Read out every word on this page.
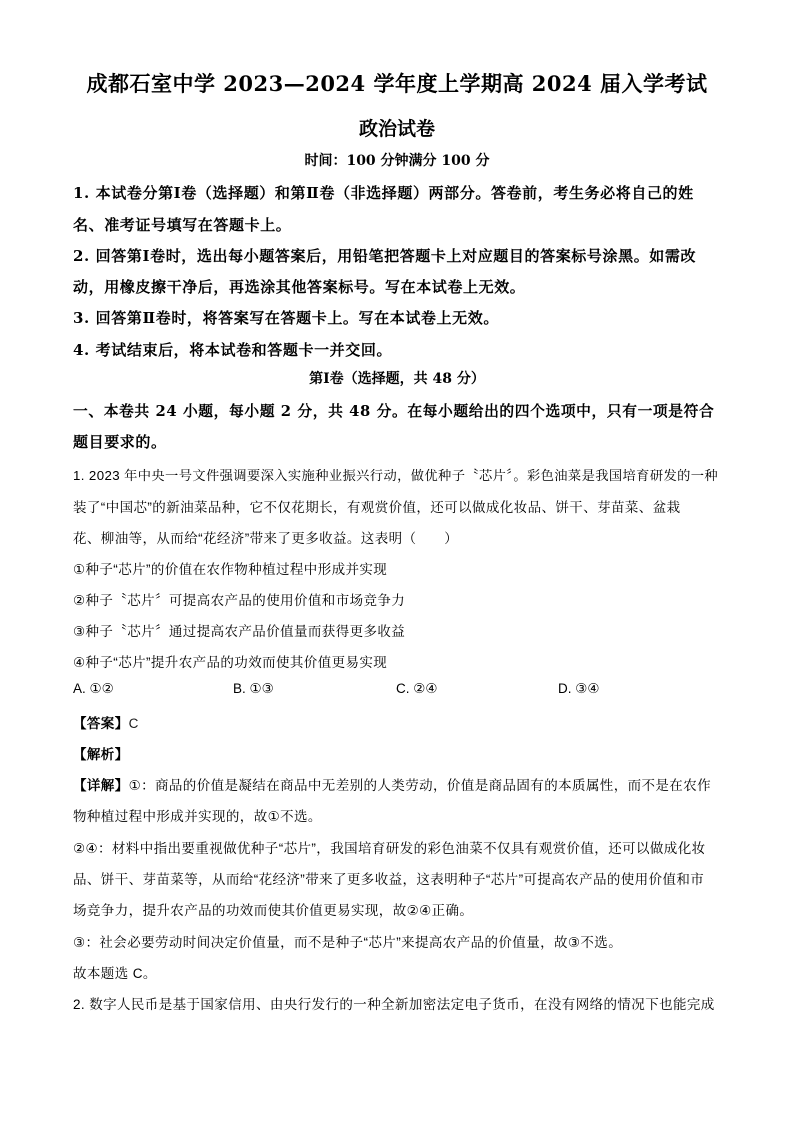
成都石室中学 2023—2024 学年度上学期高 2024 届入学考试
政治试卷
时间：100 分钟满分 100 分
1. 本试卷分第Ⅰ卷（选择题）和第Ⅱ卷（非选择题）两部分。答卷前，考生务必将自己的姓
名、准考证号填写在答题卡上。
2. 回答第Ⅰ卷时，选出每小题答案后，用铅笔把答题卡上对应题目的答案标号涂黑。如需改
动，用橡皮擦干净后，再选涂其他答案标号。写在本试卷上无效。
3. 回答第Ⅱ卷时，将答案写在答题卡上。写在本试卷上无效。
4. 考试结束后，将本试卷和答题卡一并交回。
第Ⅰ卷（选择题，共 48 分）
一、本卷共 24 小题，每小题 2 分，共 48 分。在每小题给出的四个选项中，只有一项是符合
题目要求的。
1. 2023 年中央一号文件强调要深入实施种业振兴行动，做优种子〝芯片〞。彩色油菜是我国培育研发的一种
装了“中国芯”的新油菜品种，它不仅花期长，有观赏价值，还可以做成化妆品、饼干、芽苗菜、盆栽
花、柳油等，从而给“花经济”带来了更多收益。这表明（　　）
①种子“芯片”的价值在农作物种植过程中形成并实现
②种子〝芯片〞可提高农产品的使用价值和市场竞争力
③种子〝芯片〞通过提高农产品价值量而获得更多收益
④种子“芯片”提升农产品的功效而使其价值更易实现
A. ①②	B. ①③	C. ②④	D. ③④
【答案】C
【解析】
【详解】①：商品的价值是凝结在商品中无差别的人类劳动，价值是商品固有的本质属性，而不是在农作
物种植过程中形成并实现的，故①不选。
②④：材料中指出要重视做优种子“芯片”，我国培育研发的彩色油菜不仅具有观赏价值，还可以做成化妆
品、饼干、芽苗菜等，从而给“花经济”带来了更多收益，这表明种子“芯片”可提高农产品的使用价值和市
场竞争力，提升农产品的功效而使其价值更易实现，故②④正确。
③：社会必要劳动时间决定价值量，而不是种子“芯片”来提高农产品的价值量，故③不选。
故本题选 C。
2. 数字人民币是基于国家信用、由央行发行的一种全新加密法定电子货币，在没有网络的情况下也能完成
